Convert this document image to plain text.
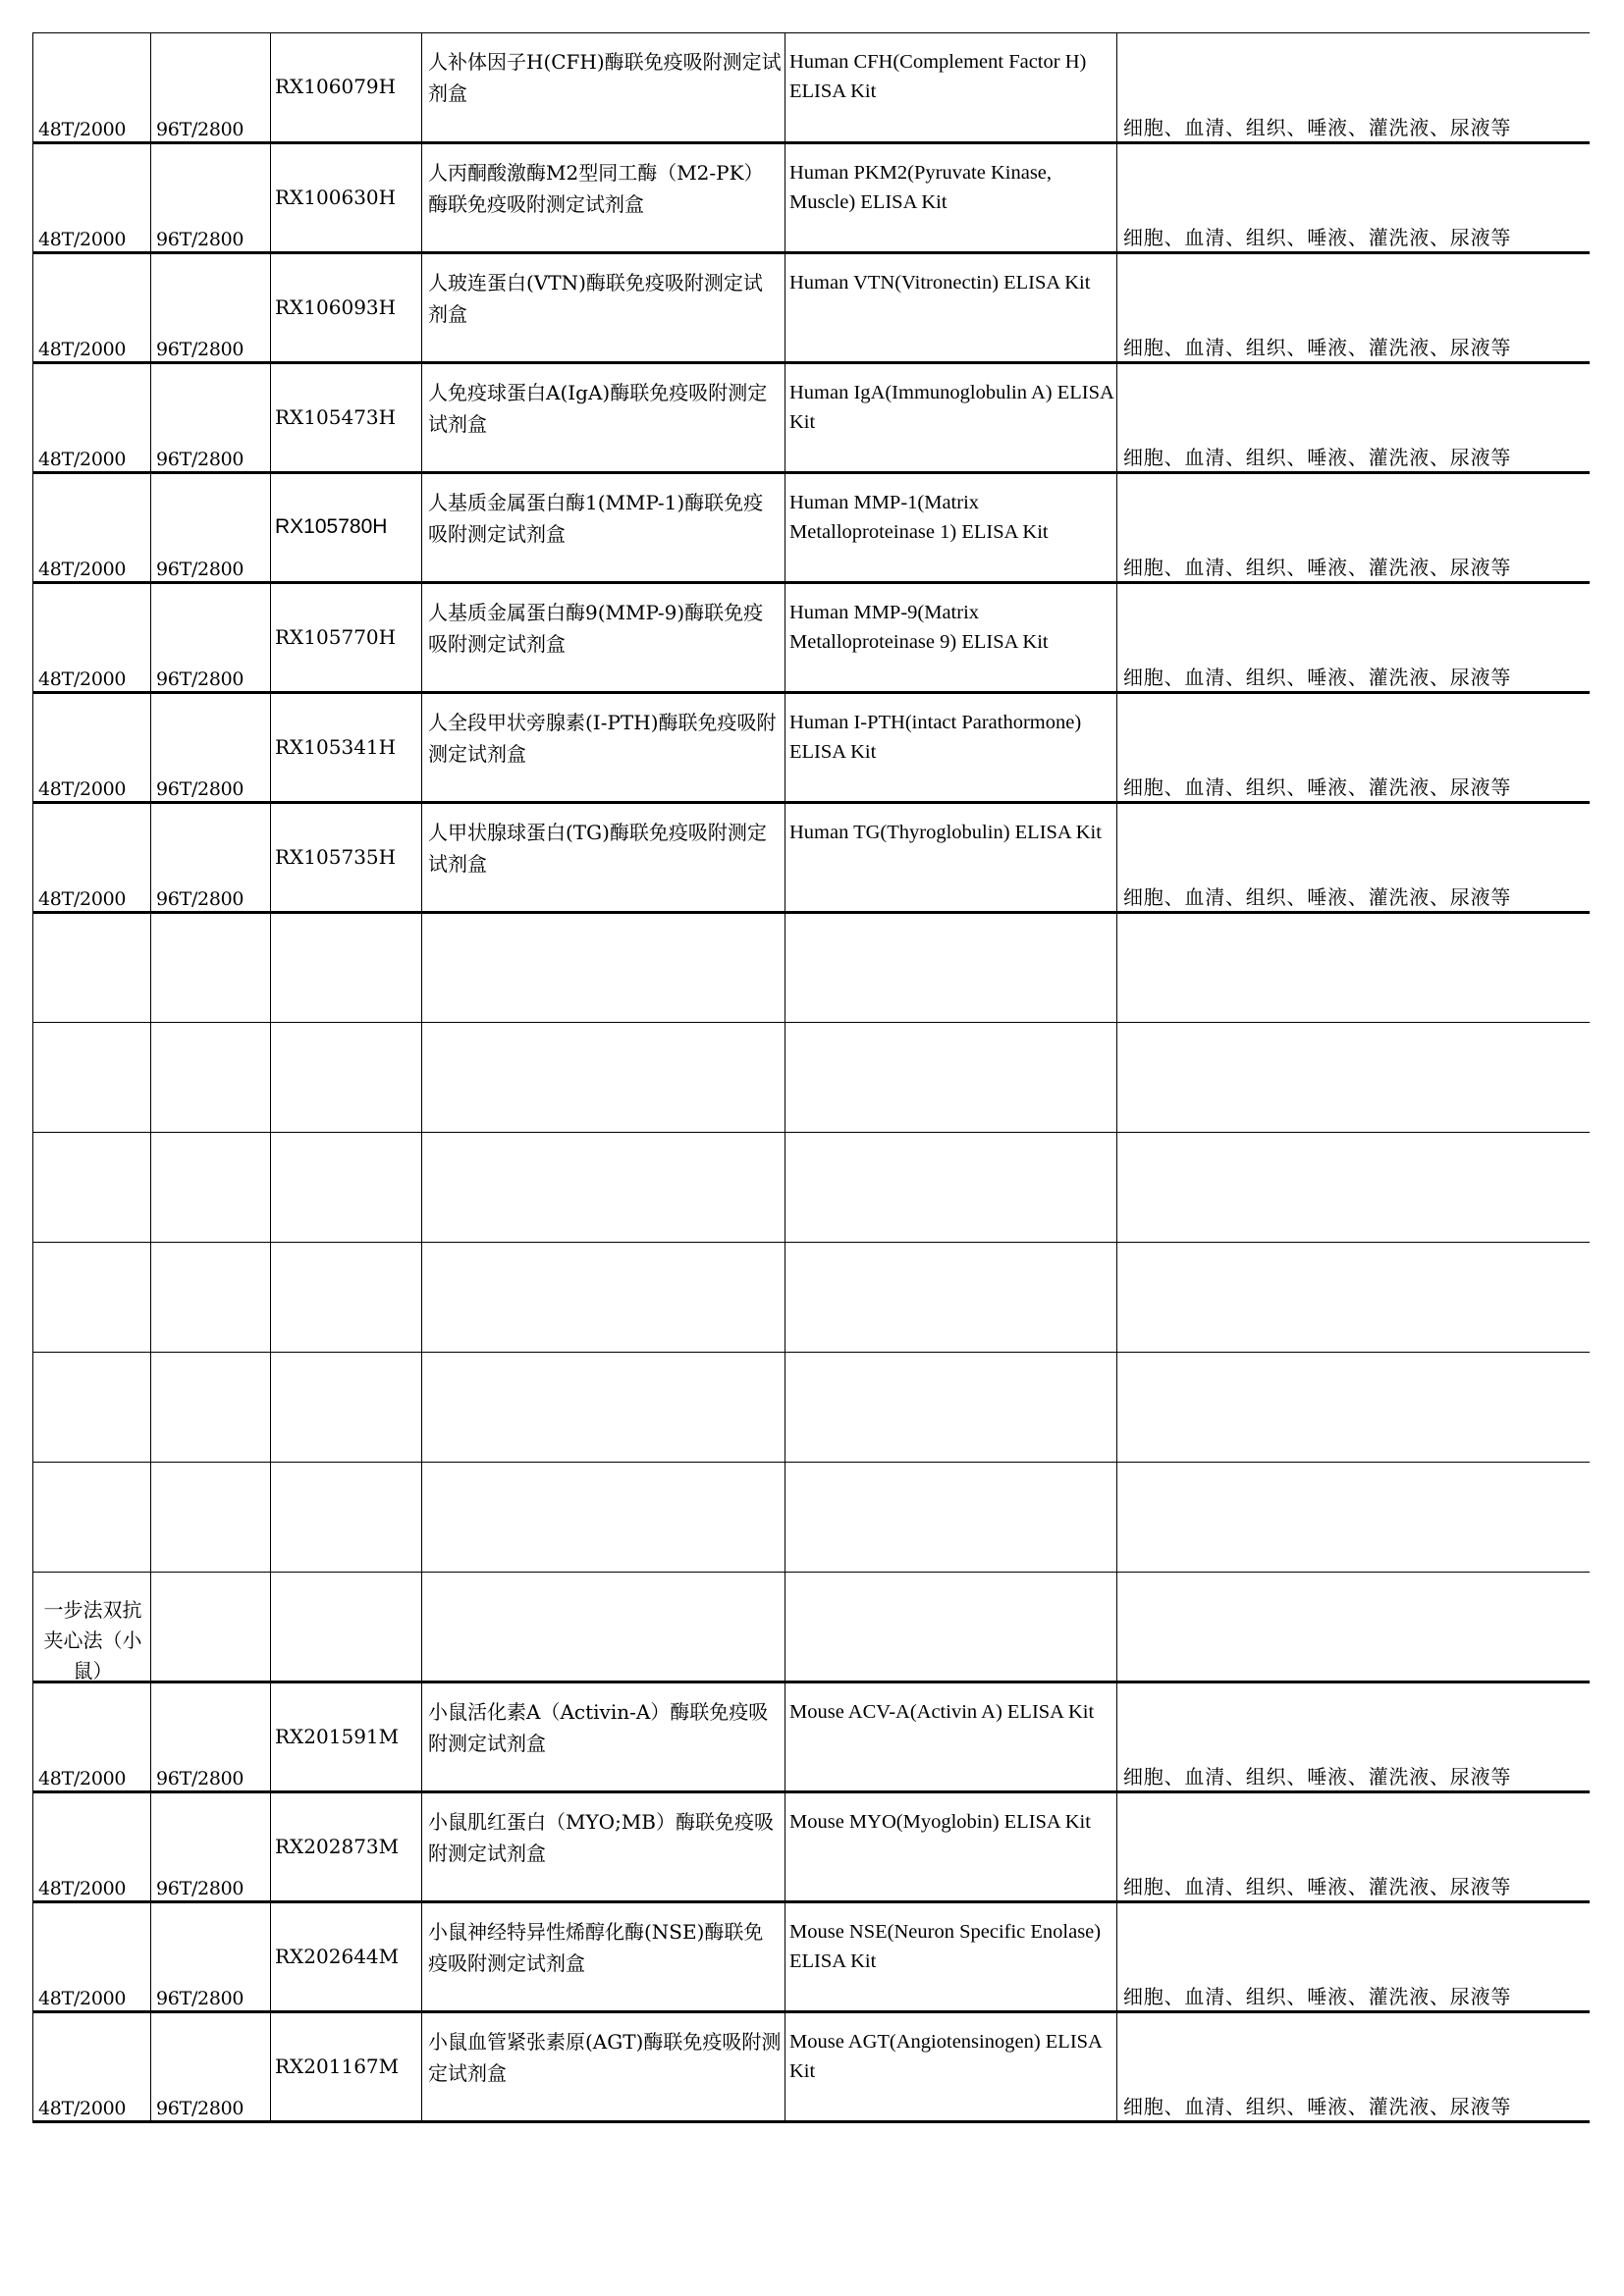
48T/2000	96T/2800	RX106079H	人补体因子H(CFH)酶联免疫吸附测定试剂盒	Human CFH(Complement Factor H) ELISA Kit	细胞、血清、组织、唾液、灌洗液、尿液等

48T/2000	96T/2800	RX100630H	人丙酮酸激酶M2型同工酶（M2-PK）酶联免疫吸附测定试剂盒	Human PKM2(Pyruvate Kinase, Muscle) ELISA Kit	细胞、血清、组织、唾液、灌洗液、尿液等

48T/2000	96T/2800	RX106093H	人玻连蛋白(VTN)酶联免疫吸附测定试剂盒	Human VTN(Vitronectin) ELISA Kit	细胞、血清、组织、唾液、灌洗液、尿液等

48T/2000	96T/2800	RX105473H	人免疫球蛋白A(IgA)酶联免疫吸附测定试剂盒	Human IgA(Immunoglobulin A) ELISA Kit	细胞、血清、组织、唾液、灌洗液、尿液等

48T/2000	96T/2800	RX105780H	人基质金属蛋白酶1(MMP-1)酶联免疫吸附测定试剂盒	Human MMP-1(Matrix Metalloproteinase 1) ELISA Kit	细胞、血清、组织、唾液、灌洗液、尿液等

48T/2000	96T/2800	RX105770H	人基质金属蛋白酶9(MMP-9)酶联免疫吸附测定试剂盒	Human MMP-9(Matrix Metalloproteinase 9) ELISA Kit	细胞、血清、组织、唾液、灌洗液、尿液等

48T/2000	96T/2800	RX105341H	人全段甲状旁腺素(I-PTH)酶联免疫吸附测定试剂盒	Human I-PTH(intact Parathormone) ELISA Kit	细胞、血清、组织、唾液、灌洗液、尿液等

48T/2000	96T/2800	RX105735H	人甲状腺球蛋白(TG)酶联免疫吸附测定试剂盒	Human TG(Thyroglobulin) ELISA Kit	细胞、血清、组织、唾液、灌洗液、尿液等

一步法双抗夹心法（小鼠）					

48T/2000	96T/2800	RX201591M	小鼠活化素A（Activin-A）酶联免疫吸附测定试剂盒	Mouse ACV-A(Activin A) ELISA Kit	细胞、血清、组织、唾液、灌洗液、尿液等

48T/2000	96T/2800	RX202873M	小鼠肌红蛋白（MYO;MB）酶联免疫吸附测定试剂盒	Mouse MYO(Myoglobin) ELISA Kit	细胞、血清、组织、唾液、灌洗液、尿液等

48T/2000	96T/2800	RX202644M	小鼠神经特异性烯醇化酶(NSE)酶联免疫吸附测定试剂盒	Mouse NSE(Neuron Specific Enolase) ELISA Kit	细胞、血清、组织、唾液、灌洗液、尿液等

48T/2000	96T/2800	RX201167M	小鼠血管紧张素原(AGT)酶联免疫吸附测定试剂盒	Mouse AGT(Angiotensinogen) ELISA Kit	细胞、血清、组织、唾液、灌洗液、尿液等
